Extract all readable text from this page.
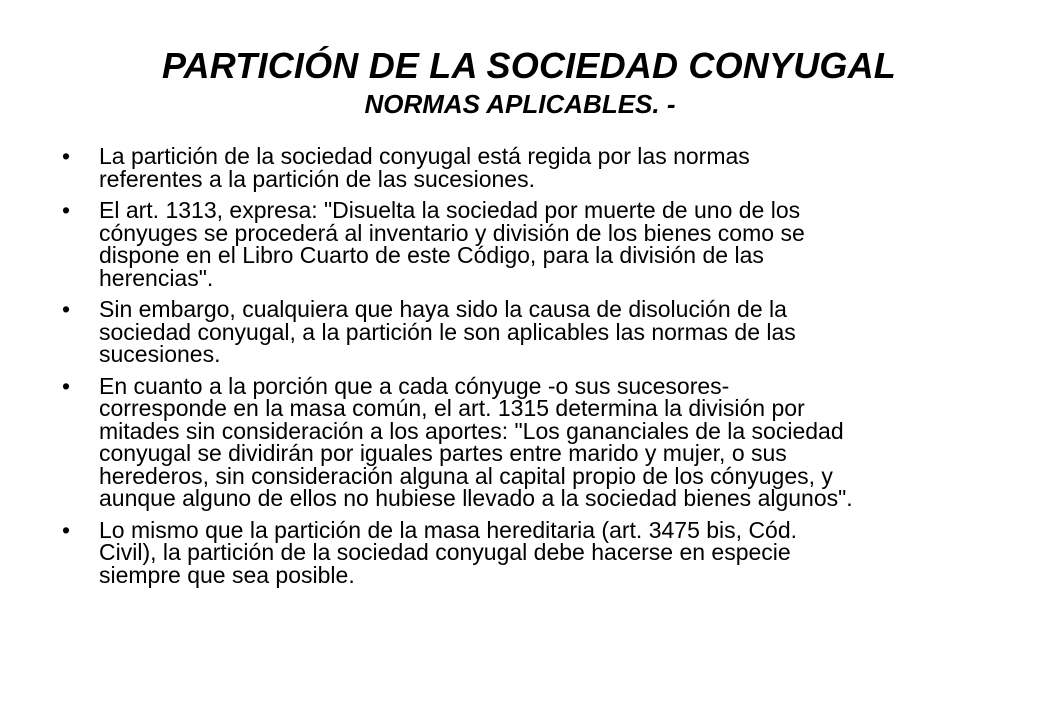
PARTICIÓN DE LA SOCIEDAD CONYUGAL
NORMAS APLICABLES. -
• La partición de la sociedad conyugal está regida por las normas
referentes a la partición de las sucesiones.
• El art. 1313, expresa: "Disuelta la sociedad por muerte de uno de los
cónyuges se procederá al inventario y división de los bienes como se
dispone en el Libro Cuarto de este Código, para la división de las
herencias".
• Sin embargo, cualquiera que haya sido la causa de disolución de la
sociedad conyugal, a la partición le son aplicables las normas de las
sucesiones.
• En cuanto a la porción que a cada cónyuge -o sus sucesores-
corresponde en la masa común, el art. 1315 determina la división por
mitades sin consideración a los aportes: "Los gananciales de la sociedad
conyugal se dividirán por iguales partes entre marido y mujer, o sus
herederos, sin consideración alguna al capital propio de los cónyuges, y
aunque alguno de ellos no hubiese llevado a la sociedad bienes algunos".
• Lo mismo que la partición de la masa hereditaria (art. 3475 bis, Cód.
Civil), la partición de la sociedad conyugal debe hacerse en especie
siempre que sea posible.
